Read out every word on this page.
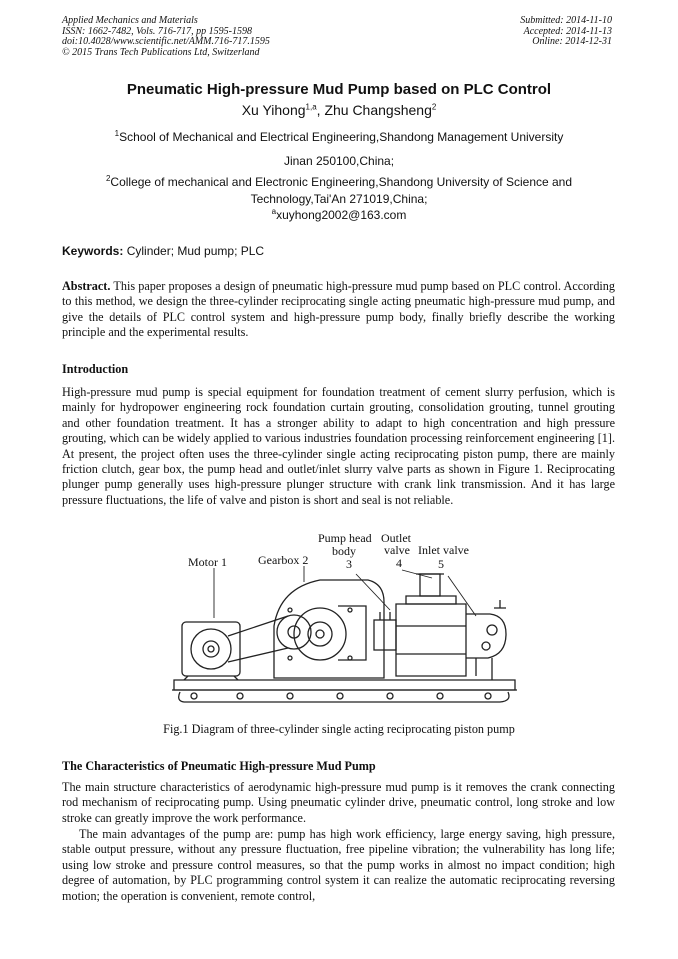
Applied Mechanics and Materials
ISSN: 1662-7482, Vols. 716-717, pp 1595-1598
doi:10.4028/www.scientific.net/AMM.716-717.1595
© 2015 Trans Tech Publications Ltd, Switzerland
Submitted: 2014-11-10
Accepted: 2014-11-13
Online: 2014-12-31
Pneumatic High-pressure Mud Pump based on PLC Control
Xu Yihong$^{1,a}$, Zhu Changsheng$^2$
$^1$School of Mechanical and Electrical Engineering,Shandong Management University
Jinan 250100,China;
$^2$College of mechanical and Electronic Engineering,Shandong University of Science and Technology,Tai'An 271019,China;
$^a$xuyhong2002@163.com
Keywords: Cylinder; Mud pump; PLC
Abstract. This paper proposes a design of pneumatic high-pressure mud pump based on PLC control. According to this method, we design the three-cylinder reciprocating single acting pneumatic high-pressure mud pump, and give the details of PLC control system and high-pressure pump body, finally briefly describe the working principle and the experimental results.
Introduction
High-pressure mud pump is special equipment for foundation treatment of cement slurry perfusion, which is mainly for hydropower engineering rock foundation curtain grouting, consolidation grouting, tunnel grouting and other foundation treatment. It has a stronger ability to adapt to high concentration and high pressure grouting, which can be widely applied to various industries foundation processing reinforcement engineering [1]. At present, the project often uses the three-cylinder single acting reciprocating piston pump, there are mainly friction clutch, gear box, the pump head and outlet/inlet slurry valve parts as shown in Figure 1. Reciprocating plunger pump generally uses high-pressure plunger structure with crank link transmission. And it has large pressure fluctuations, the life of valve and piston is short and seal is not reliable.
Motor 1	Gearbox 2
Pump head
body
3
Outlet
valve
4
Inlet valve
5
Fig.1 Diagram of three-cylinder single acting reciprocating piston pump
The Characteristics of Pneumatic High-pressure Mud Pump
The main structure characteristics of aerodynamic high-pressure mud pump is it removes the crank connecting rod mechanism of reciprocating pump. Using pneumatic cylinder drive, pneumatic control, long stroke and low stroke can greatly improve the work performance.
The main advantages of the pump are: pump has high work efficiency, large energy saving, high pressure, stable output pressure, without any pressure fluctuation, free pipeline vibration; the vulnerability has long life; using low stroke and pressure control measures, so that the pump works in almost no impact condition; high degree of automation, by PLC programming control system it can realize the automatic reciprocating reversing motion; the operation is convenient, remote control,
